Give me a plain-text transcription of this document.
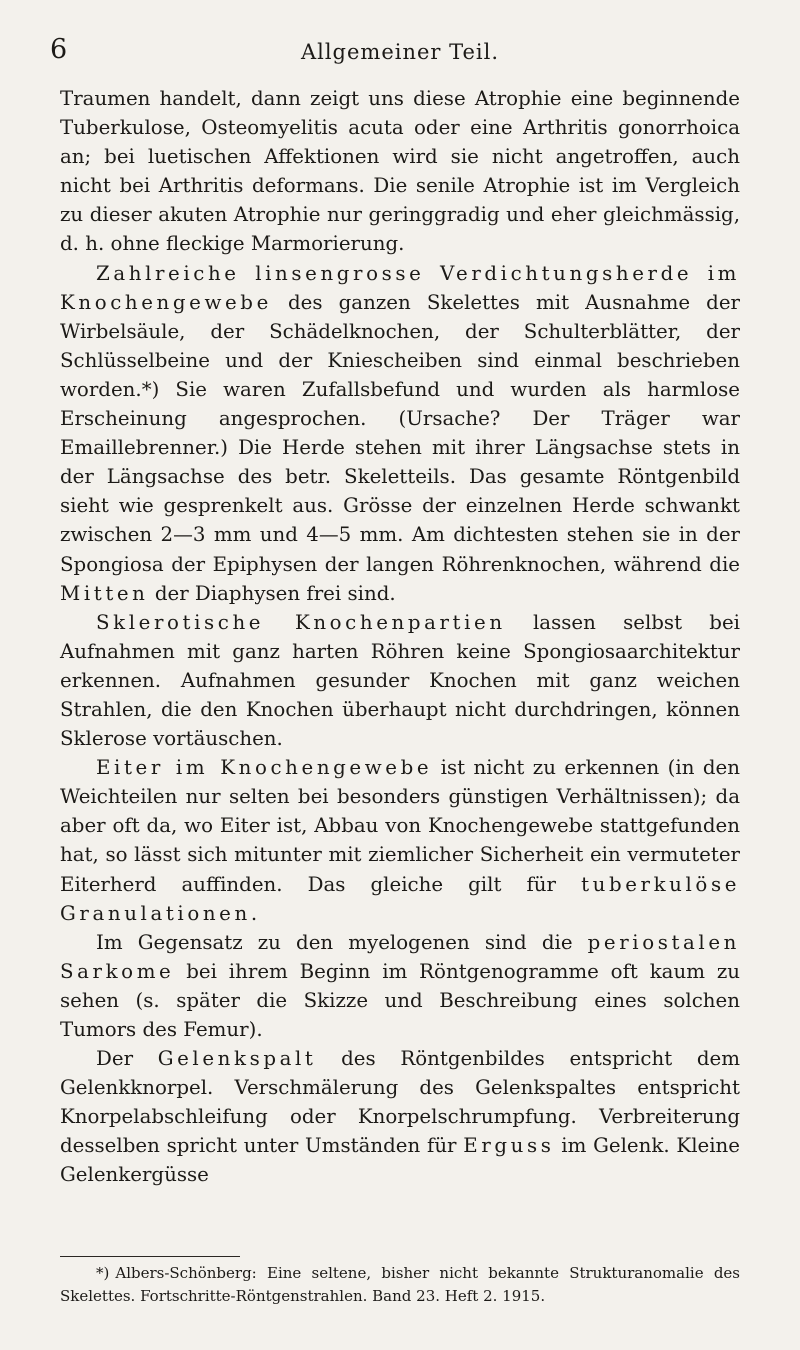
6	Allgemeiner Teil.

Traumen handelt, dann zeigt uns diese Atrophie eine beginnende Tuberkulose, Osteomyelitis acuta oder eine Arthritis gonorrhoica an; bei luetischen Affektionen wird sie nicht angetroffen, auch nicht bei Arthritis deformans. Die senile Atrophie ist im Vergleich zu dieser akuten Atrophie nur geringgradig und eher gleichmässig, d. h. ohne fleckige Marmorierung.

Zahlreiche linsengrosse Verdichtungsherde im Knochengewebe des ganzen Skelettes mit Ausnahme der Wirbelsäule, der Schädelknochen, der Schulterblätter, der Schlüsselbeine und der Kniescheiben sind einmal beschrieben worden.*) Sie waren Zufallsbefund und wurden als harmlose Erscheinung angesprochen. (Ursache? Der Träger war Emaillebrenner.) Die Herde stehen mit ihrer Längsachse stets in der Längsachse des betr. Skeletteils. Das gesamte Röntgenbild sieht wie gesprenkelt aus. Grösse der einzelnen Herde schwankt zwischen 2—3 mm und 4—5 mm. Am dichtesten stehen sie in der Spongiosa der Epiphysen der langen Röhrenknochen, während die Mitten der Diaphysen frei sind.

Sklerotische Knochenpartien lassen selbst bei Aufnahmen mit ganz harten Röhren keine Spongiosaarchitektur erkennen. Aufnahmen gesunder Knochen mit ganz weichen Strahlen, die den Knochen überhaupt nicht durchdringen, können Sklerose vortäuschen.

Eiter im Knochengewebe ist nicht zu erkennen (in den Weichteilen nur selten bei besonders günstigen Verhältnissen); da aber oft da, wo Eiter ist, Abbau von Knochengewebe stattgefunden hat, so lässt sich mitunter mit ziemlicher Sicherheit ein vermuteter Eiterherd auffinden. Das gleiche gilt für tuberkulöse Granulationen.

Im Gegensatz zu den myelogenen sind die periostalen Sarkome bei ihrem Beginn im Röntgenogramme oft kaum zu sehen (s. später die Skizze und Beschreibung eines solchen Tumors des Femur).

Der Gelenkspalt des Röntgenbildes entspricht dem Gelenkknorpel. Verschmälerung des Gelenkspaltes entspricht Knorpelabschleifung oder Knorpelschrumpfung. Verbreiterung desselben spricht unter Umständen für Erguss im Gelenk. Kleine Gelenkergüsse

*) Albers-Schönberg: Eine seltene, bisher nicht bekannte Strukturanomalie des Skelettes. Fortschritte-Röntgenstrahlen. Band 23. Heft 2. 1915.
